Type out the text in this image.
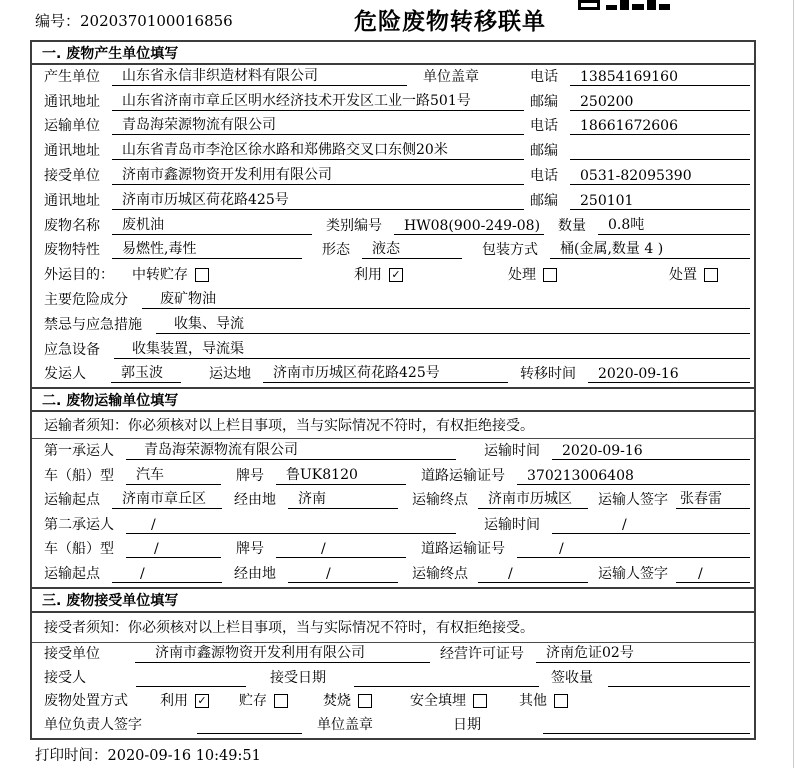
编号：2020370100016856	危险废物转移联单
一. 废物产生单位填写
产生单位	山东省永信非织造材料有限公司	单位盖章	电话	13854169160
通讯地址	山东省济南市章丘区明水经济技术开发区工业一路501号	邮编	250200
运输单位	青岛海荣源物流有限公司	电话	18661672606
通讯地址	山东省青岛市李沧区徐水路和郑佛路交叉口东侧20米	邮编
接受单位	济南市鑫源物资开发利用有限公司	电话	0531-82095390
通讯地址	济南市历城区荷花路425号	邮编	250101
废物名称	废机油	类别编号	HW08(900-249-08) 数量	0.8吨
废物特性	易燃性,毒性	形态	液态	包装方式	桶(金属,数量 4 )
外运目的： 中转贮存	利用 ✓	处理	处置
主要危险成分	废矿物油
禁忌与应急措施	收集、导流
应急设备	收集装置，导流渠
发运人	郭玉波	运达地	济南市历城区荷花路425号	转移时间	2020-09-16
二. 废物运输单位填写
运输者须知：你必须核对以上栏目事项，当与实际情况不符时，有权拒绝接受。
第一承运人	青岛海荣源物流有限公司	运输时间	2020-09-16
车（船）型	汽车	牌号	鲁UK8120	道路运输证号	370213006408
运输起点	济南市章丘区	经由地	济南	运输终点	济南市历城区	运输人签字 张春雷
第二承运人	/	运输时间	/
车（船）型	/	牌号	/	道路运输证号	/
运输起点	/	经由地	/	运输终点	/	运输人签字	/
三. 废物接受单位填写
接受者须知：你必须核对以上栏目事项，当与实际情况不符时，有权拒绝接受。
接受单位	济南市鑫源物资开发利用有限公司	经营许可证号	济南危证02号
接受人	接受日期	签收量
废物处置方式 利用 ✓ 贮存	焚烧	安全填埋	其他
单位负责人签字	单位盖章	日期
打印时间：2020-09-16 10:49:51
